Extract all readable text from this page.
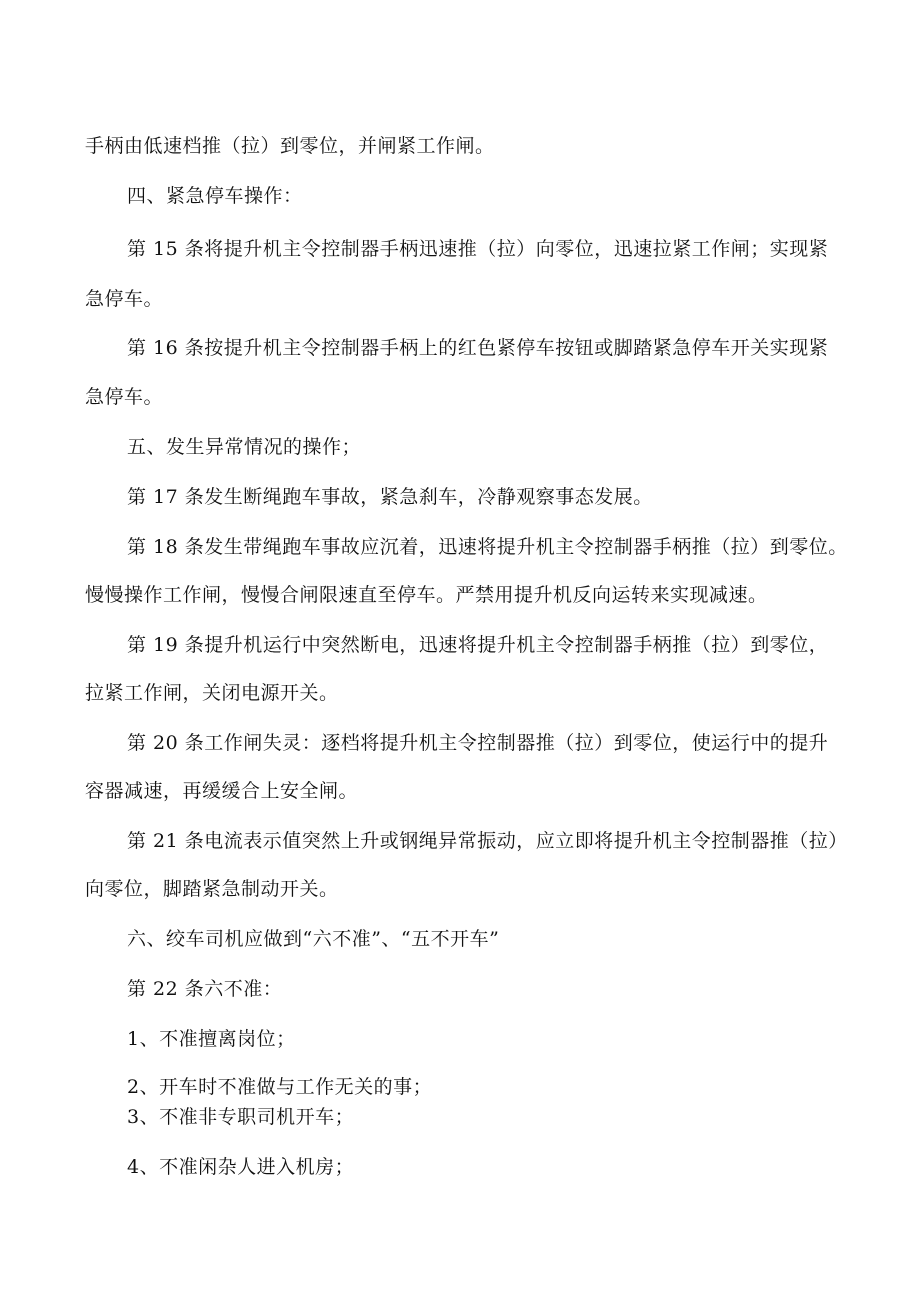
手柄由低速档推（拉）到零位，并闸紧工作闸。
四、紧急停车操作：
第 15 条将提升机主令控制器手柄迅速推（拉）向零位，迅速拉紧工作闸；实现紧
急停车。
第 16 条按提升机主令控制器手柄上的红色紧停车按钮或脚踏紧急停车开关实现紧
急停车。
五、发生异常情况的操作；
第 17 条发生断绳跑车事故，紧急刹车，冷静观察事态发展。
第 18 条发生带绳跑车事故应沉着，迅速将提升机主令控制器手柄推（拉）到零位。
慢慢操作工作闸，慢慢合闸限速直至停车。严禁用提升机反向运转来实现减速。
第 19 条提升机运行中突然断电，迅速将提升机主令控制器手柄推（拉）到零位，
拉紧工作闸，关闭电源开关。
第 20 条工作闸失灵：逐档将提升机主令控制器推（拉）到零位，使运行中的提升
容器减速，再缓缓合上安全闸。
第 21 条电流表示值突然上升或钢绳异常振动，应立即将提升机主令控制器推（拉）
向零位，脚踏紧急制动开关。
六、绞车司机应做到“六不准”、“五不开车”
第 22 条六不准：
1、不准擅离岗位；
2、开车时不准做与工作无关的事；
3、不准非专职司机开车；
4、不准闲杂人进入机房；
